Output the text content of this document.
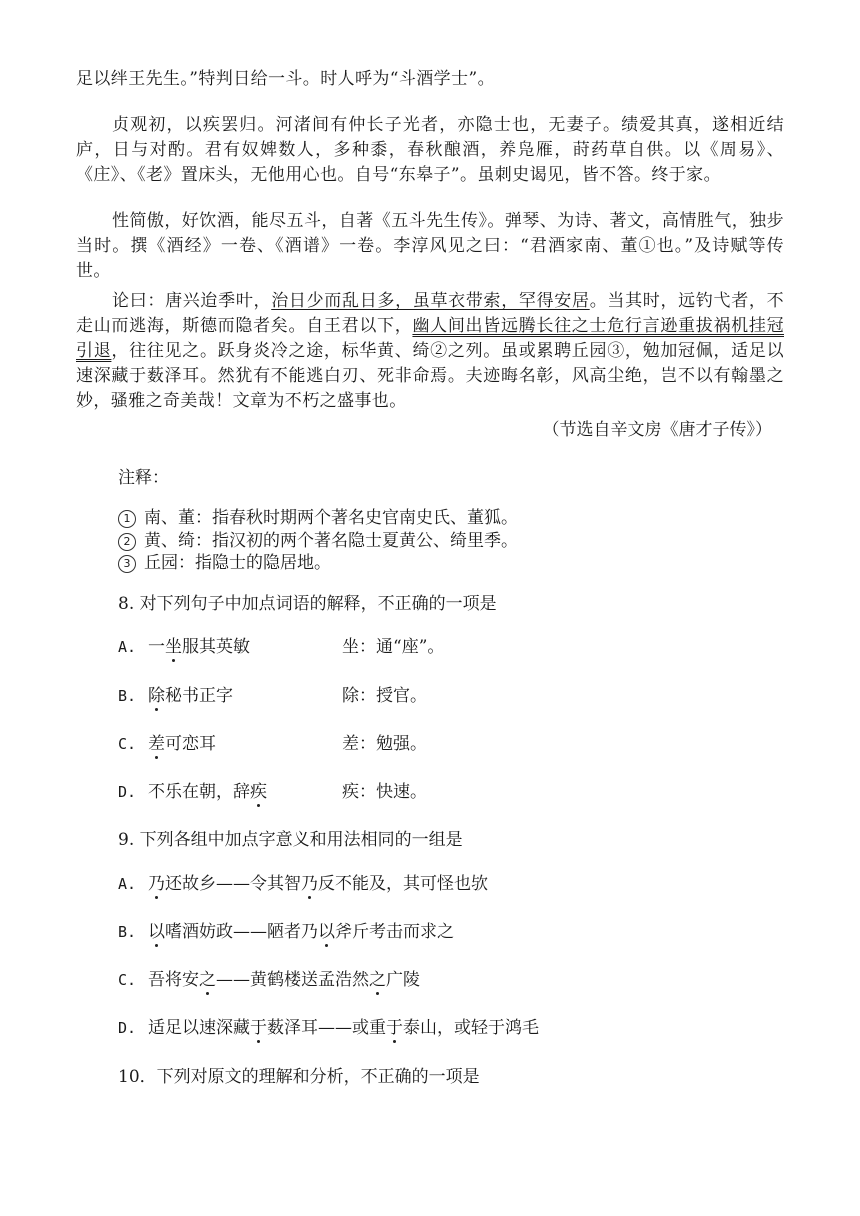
足以绊王先生。”特判日给一斗。时人呼为“斗酒学士”。

贞观初，以疾罢归。河渚间有仲长子光者，亦隐士也，无妻子。绩爱其真，遂相近结庐，日与对酌。君有奴婢数人，多种黍，春秋酿酒，养凫雁，莳药草自供。以《周易》、《庄》、《老》置床头，无他用心也。自号“东皋子”。虽刺史谒见，皆不答。终于家。

性简傲，好饮酒，能尽五斗，自著《五斗先生传》。弹琴、为诗、著文，高情胜气，独步当时。撰《酒经》一卷、《酒谱》一卷。李淳风见之曰：“君酒家南、董①也。”及诗赋等传世。

论曰：唐兴迨季叶，治日少而乱日多，虽草衣带索，罕得安居。当其时，远钓弋者，不走山而逃海，斯德而隐者矣。自王君以下，幽人间出皆远腾长往之士危行言逊重拔祸机挂冠引退，往往见之。跃身炎冷之途，标华黄、绮②之列。虽或累聘丘园③，勉加冠佩，适足以速深藏于薮泽耳。然犹有不能逃白刃、死非命焉。夫迹晦名彰，风高尘绝，岂不以有翰墨之妙，骚雅之奇美哉！文章为不朽之盛事也。

（节选自辛文房《唐才子传》）
注释：
1 南、董：指春秋时期两个著名史官南史氏、董狐。
2 黄、绮：指汉初的两个著名隐士夏黄公、绮里季。
3 丘园：指隐士的隐居地。
8. 对下列句子中加点词语的解释，不正确的一项是
A. 一坐服其英敏	坐：通“座”。
B. 除秘书正字	除：授官。
C. 差可恋耳	差：勉强。
D. 不乐在朝，辞疾	疾：快速。
9. 下列各组中加点字意义和用法相同的一组是
A. 乃还故乡——令其智乃反不能及，其可怪也欤
B. 以嗜酒妨政——陋者乃以斧斤考击而求之
C. 吾将安之——黄鹤楼送孟浩然之广陵
D. 适足以速深藏于薮泽耳——或重于泰山，或轻于鸿毛
10．下列对原文的理解和分析，不正确的一项是
